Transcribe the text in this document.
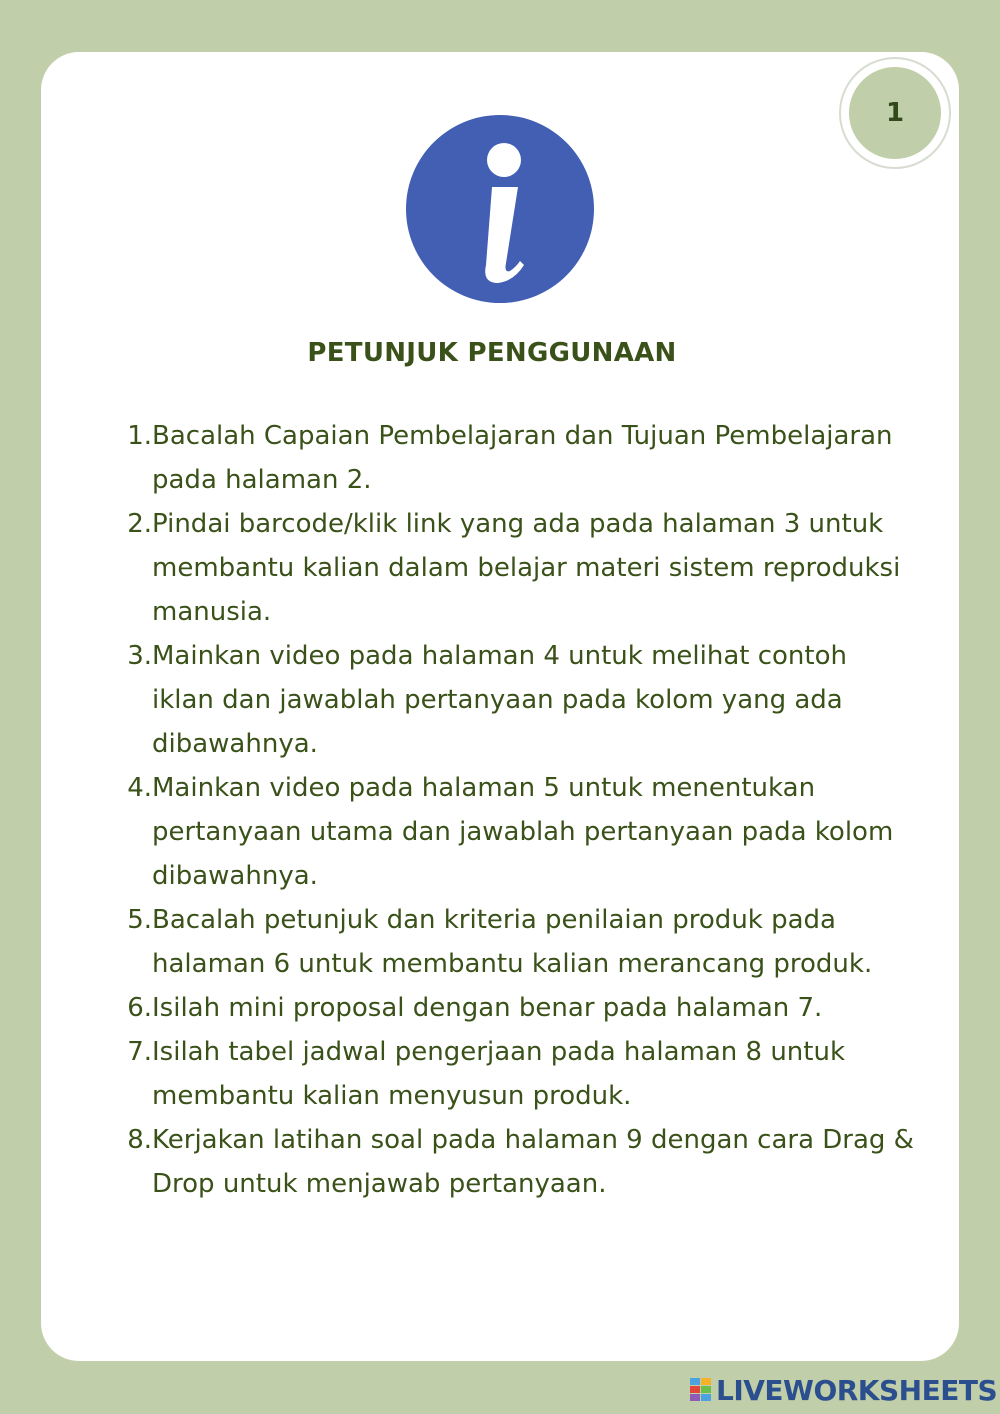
1
PETUNJUK PENGGUNAAN
1. Bacalah Capaian Pembelajaran dan Tujuan Pembelajaran pada halaman 2.
2. Pindai barcode/klik link yang ada pada halaman 3 untuk membantu kalian dalam belajar materi sistem reproduksi manusia.
3. Mainkan video pada halaman 4 untuk melihat contoh iklan dan jawablah pertanyaan pada kolom yang ada dibawahnya.
4. Mainkan video pada halaman 5 untuk menentukan pertanyaan utama dan jawablah pertanyaan pada kolom dibawahnya.
5. Bacalah petunjuk dan kriteria penilaian produk pada halaman 6 untuk membantu kalian merancang produk.
6. Isilah mini proposal dengan benar pada halaman 7.
7. Isilah tabel jadwal pengerjaan pada halaman 8 untuk membantu kalian menyusun produk.
8. Kerjakan latihan soal pada halaman 9 dengan cara Drag & Drop untuk menjawab pertanyaan.
LIVEWORKSHEETS
